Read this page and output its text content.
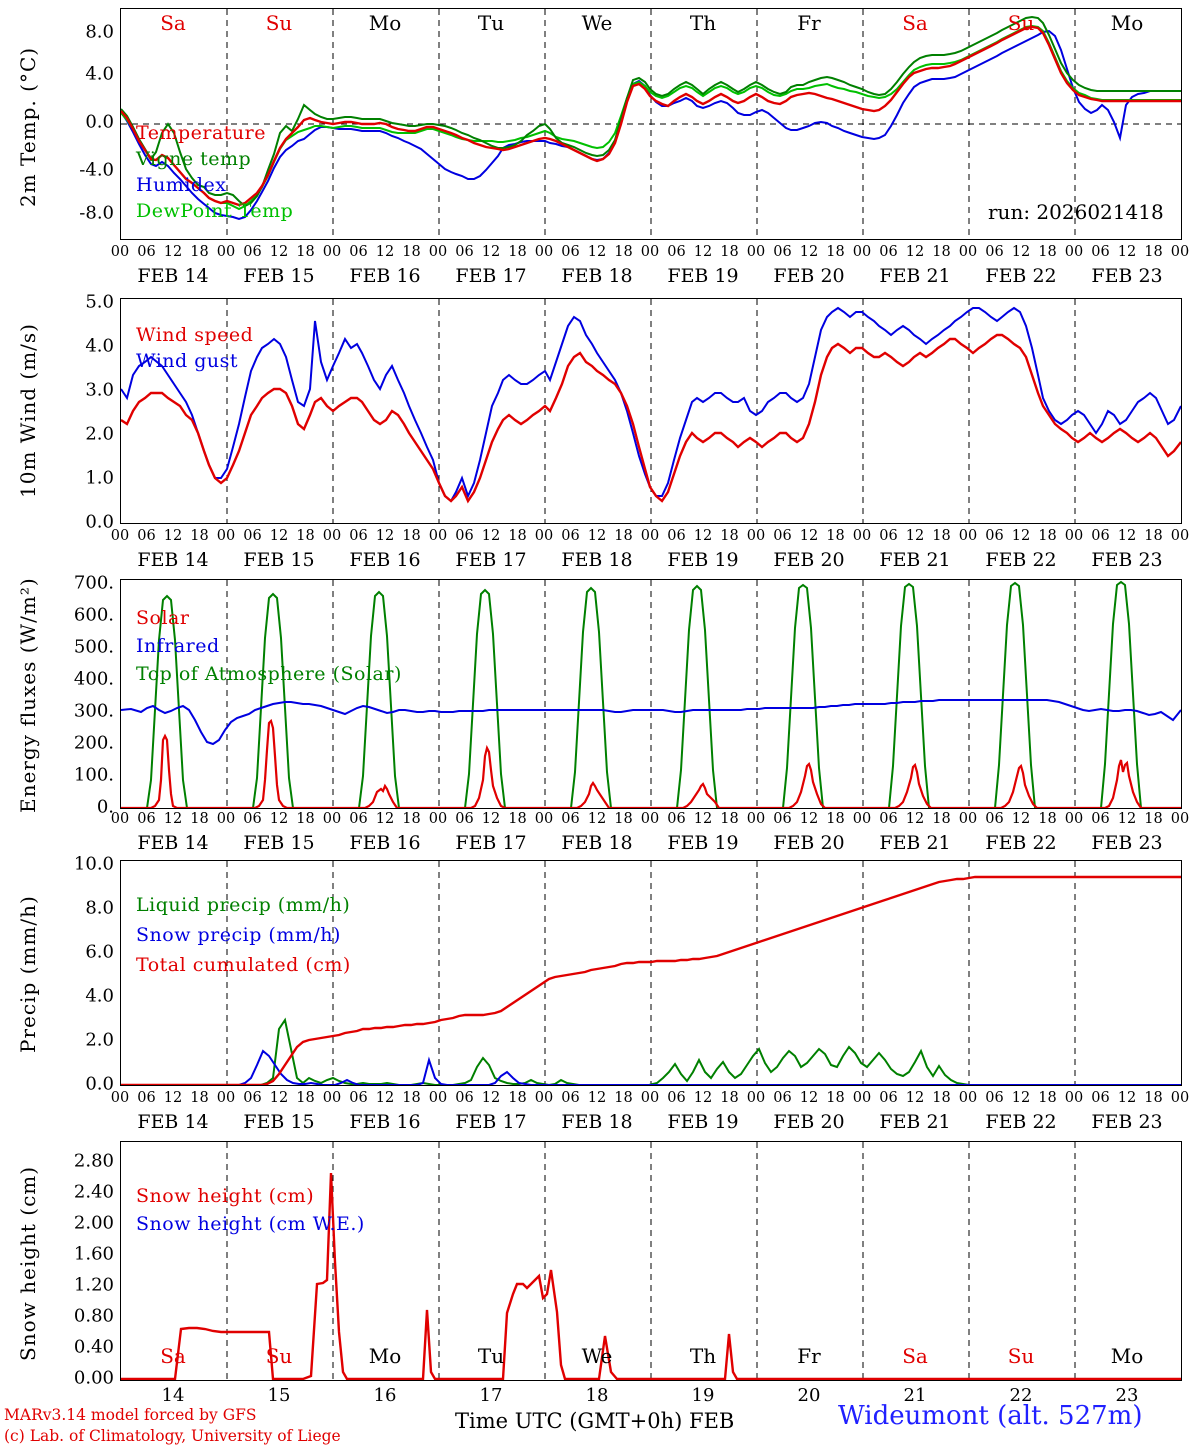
2m Temp. (°C)
8.0
4.0
0.0
-4.0
-8.0
Sa	Su	Mo	Tu	We	Th	Fr	Sa	Su	Mo
Temperature
Vigne temp
Humidex
DewPoint Temp	run: 2026021418
00 06 12 18 00 06 12 18 00 06 12 18 00 06 12 18 00 06 12 18 00 06 12 18 00 06 12 18 00 06 12 18 00 06 12 18 00 06 12 18 00
FEB 14 FEB 15 FEB 16 FEB 17 FEB 18 FEB 19 FEB 20 FEB 21 FEB 22 FEB 23
10m Wind (m/s)
5.0
4.0
3.0
2.0
1.0
0.0
Wind speed
Wind gust
00 06 12 18 00 06 12 18 00 06 12 18 00 06 12 18 00 06 12 18 00 06 12 18 00 06 12 18 00 06 12 18 00 06 12 18 00 06 12 18 00
FEB 14 FEB 15 FEB 16 FEB 17 FEB 18 FEB 19 FEB 20 FEB 21 FEB 22 FEB 23
Energy fluxes (W/m²) 700.
600.
500.
400.
300.
200.
100.
0.
Solar
Infrared
Top of Atmosphere (Solar)
00 06 12 18 00 06 12 18 00 06 12 18 00 06 12 18 00 06 12 18 00 06 12 18 00 06 12 18 00 06 12 18 00 06 12 18 00 06 12 18 00
FEB 14 FEB 15 FEB 16 FEB 17 FEB 18 FEB 19 FEB 20 FEB 21 FEB 22 FEB 23
Precip (mm/h)
10.0
8.0
6.0
4.0
2.0
0.0
Liquid precip (mm/h)
Snow precip (mm/h)
Total cumulated (cm)
00 06 12 18 00 06 12 18 00 06 12 18 00 06 12 18 00 06 12 18 00 06 12 18 00 06 12 18 00 06 12 18 00 06 12 18 00 06 12 18 00
FEB 14 FEB 15 FEB 16 FEB 17 FEB 18 FEB 19 FEB 20 FEB 21 FEB 22 FEB 23
Snow height (cm)
2.80
2.40
2.00
1.60
1.20
0.80
0.40
0.00
Snow height (cm)
Snow height (cm W.E.)
Sa	Su	Mo	Tu	We	Th	Fr	Sa	Su	Mo
14	15	16	17	18	19	20	21	22	23
Time UTC (GMT+0h) FEB
MARv3.14 model forced by GFS
(c) Lab. of Climatology, University of Liege
Wideumont (alt. 527m)
